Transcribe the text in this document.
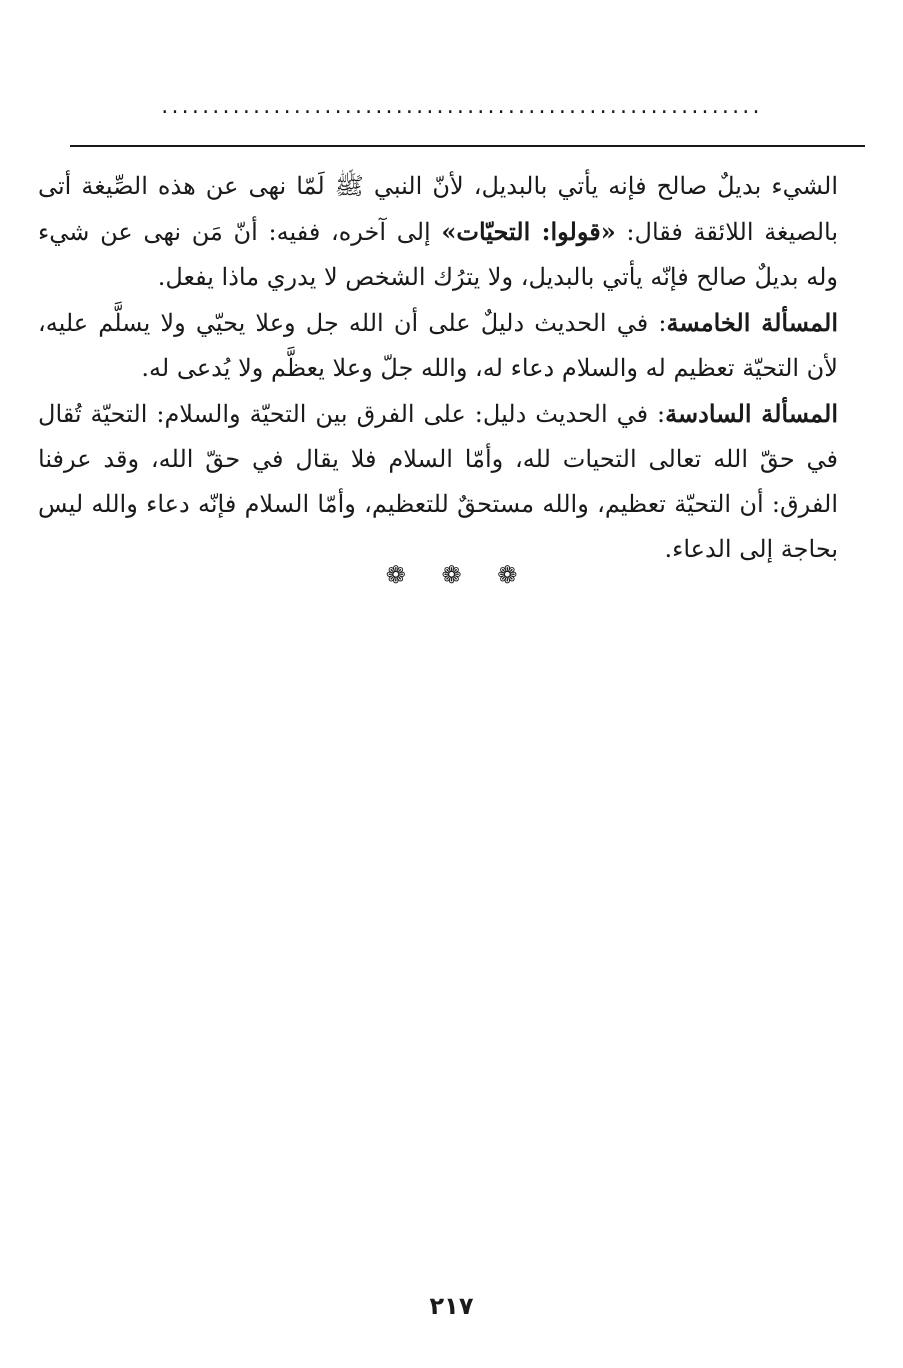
...........................................................

الشيء بديلٌ صالح فإنه يأتي بالبديل، لأنّ النبي ﷺ لَمّا نهى عن هذه الصِّيغة أتى بالصيغة اللائقة فقال: «قولوا: التحيّات» إلى آخره، ففيه: أنّ مَن نهى عن شيء وله بديلٌ صالح فإنّه يأتي بالبديل، ولا يترُك الشخص لا يدري ماذا يفعل.

المسألة الخامسة: في الحديث دليلٌ على أن الله جل وعلا يحيّي ولا يسلَّم عليه، لأن التحيّة تعظيم له والسلام دعاء له، والله جلّ وعلا يعظَّم ولا يُدعى له.

المسألة السادسة: في الحديث دليل: على الفرق بين التحيّة والسلام: التحيّة تُقال في حقّ الله تعالى التحيات لله، وأمّا السلام فلا يقال في حقّ الله، وقد عرفنا الفرق: أن التحيّة تعظيم، والله مستحقٌ للتعظيم، وأمّا السلام فإنّه دعاء والله ليس بحاجة إلى الدعاء.

❁ ❁ ❁
٢١٧
